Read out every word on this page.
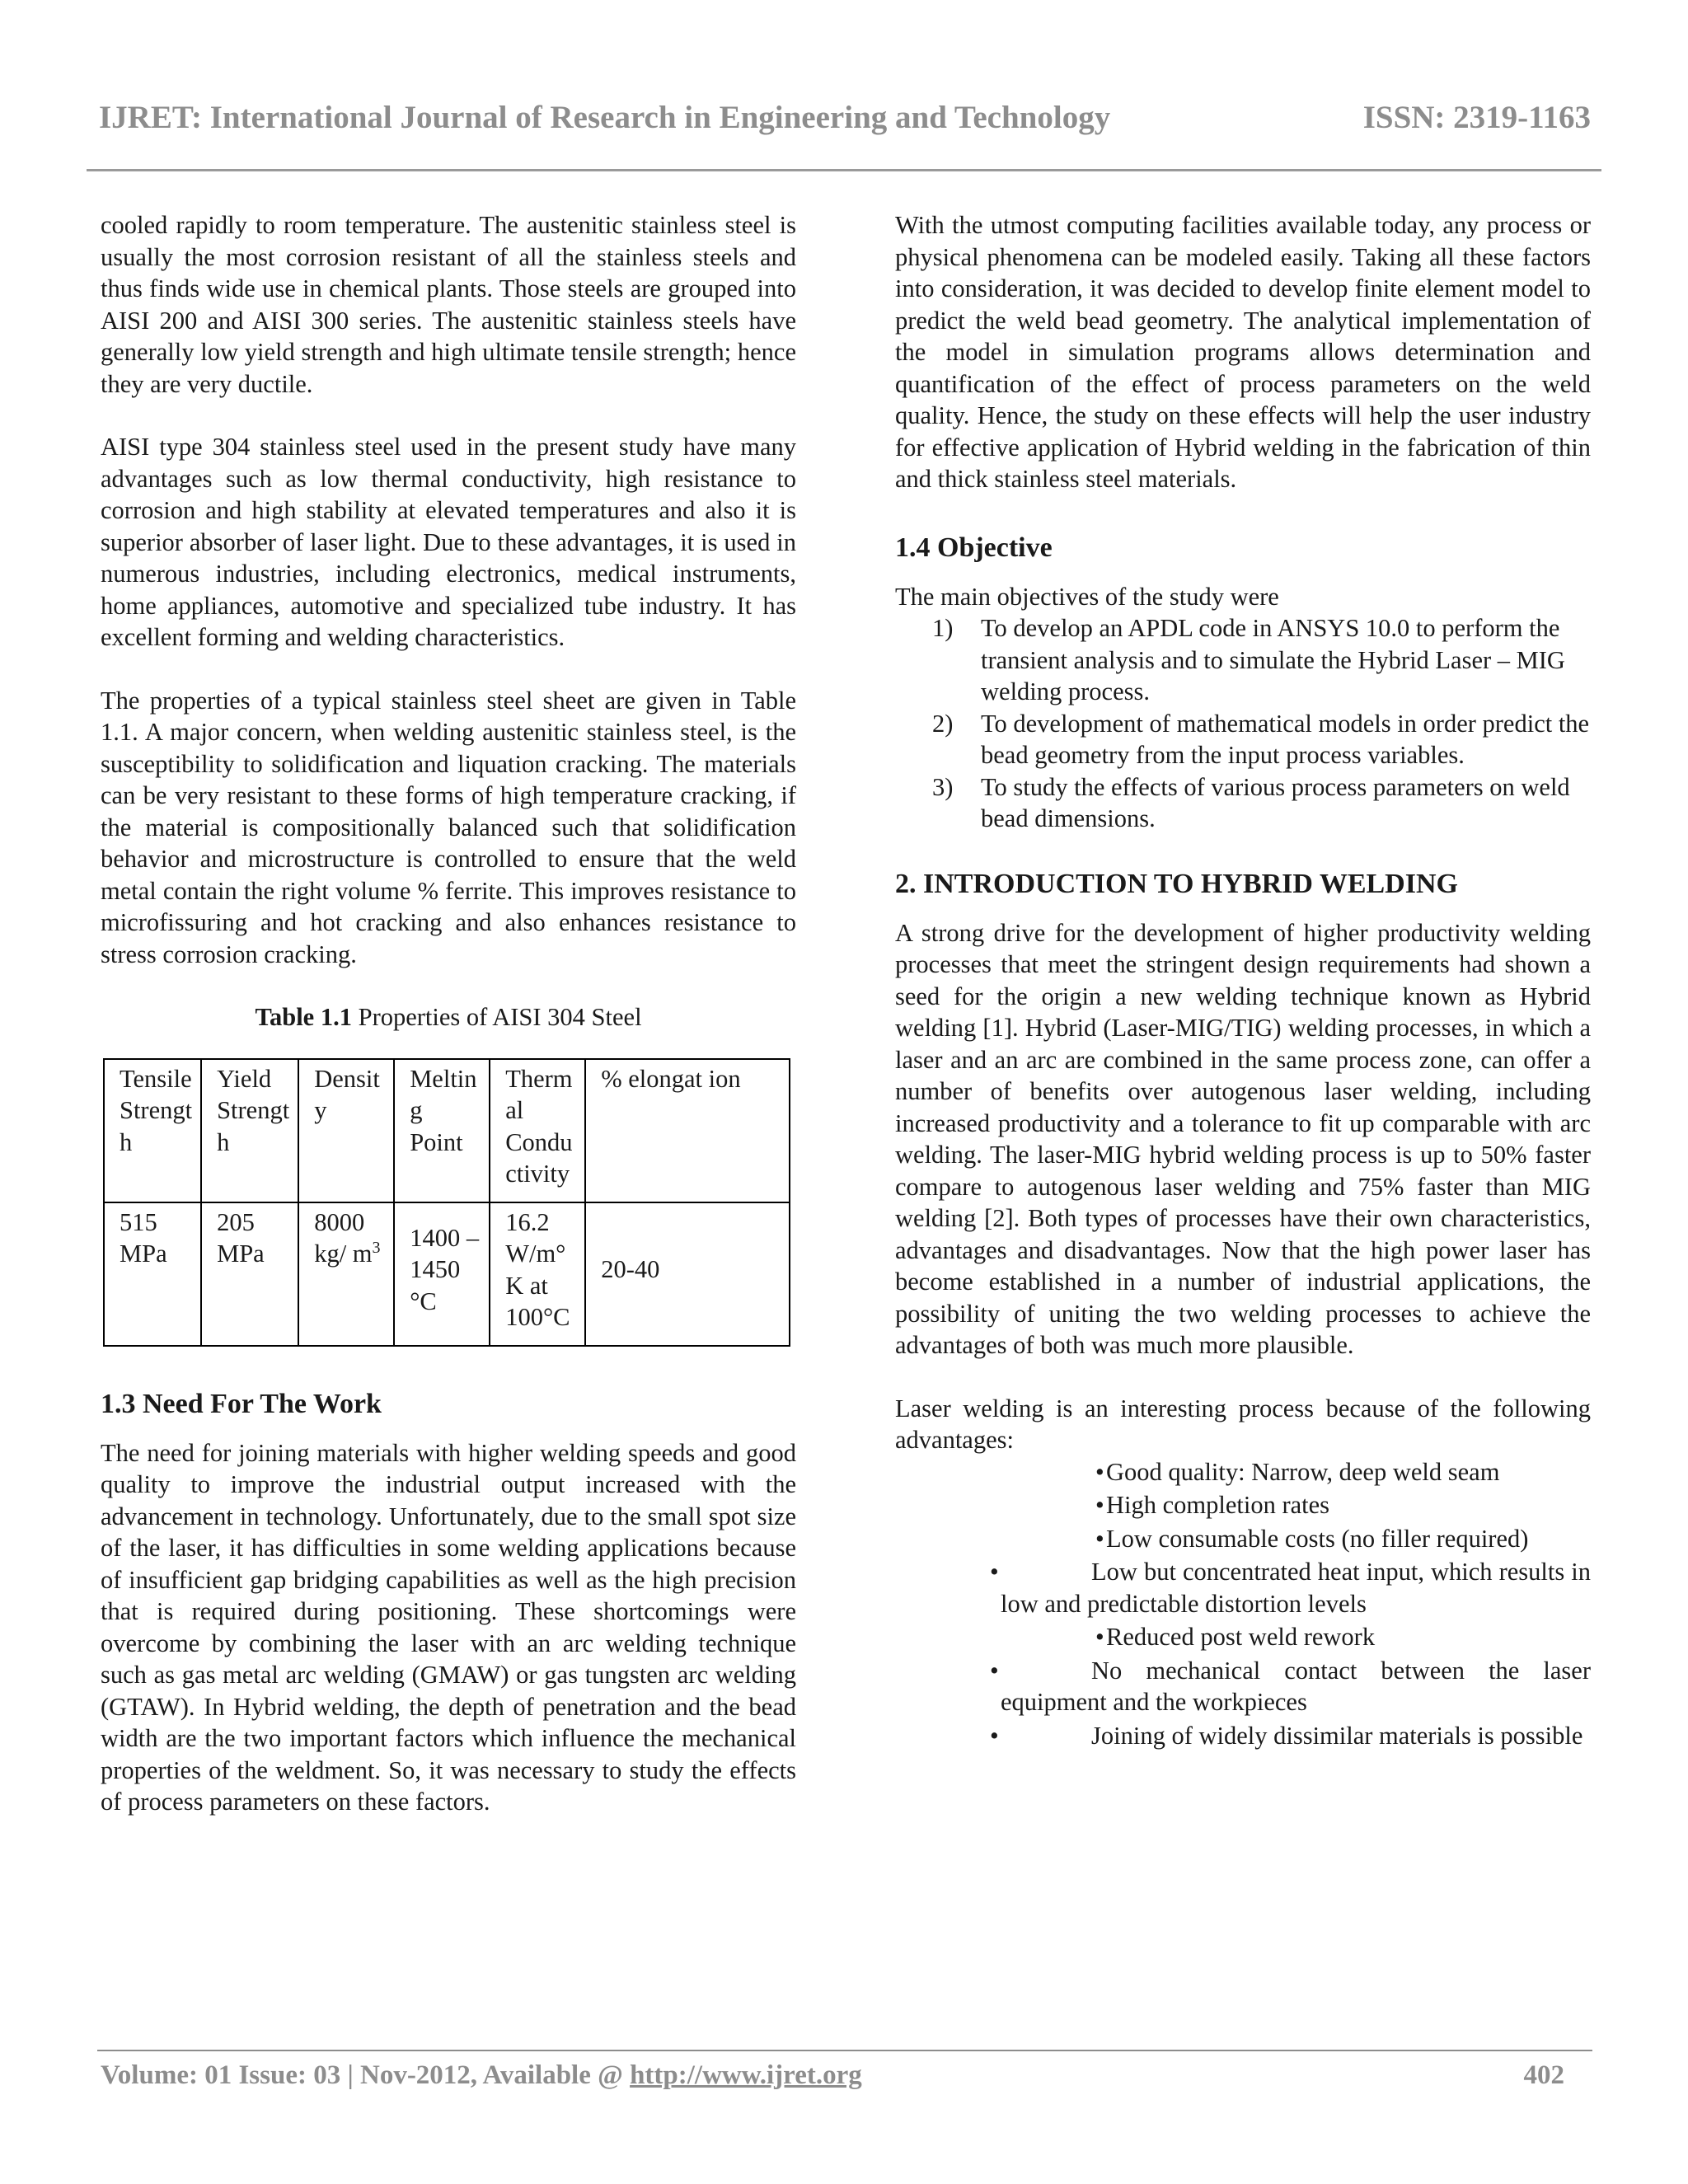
IJRET: International Journal of Research in Engineering and Technology	ISSN: 2319-1163

cooled rapidly to room temperature. The austenitic stainless steel is usually the most corrosion resistant of all the stainless steels and thus finds wide use in chemical plants. Those steels are grouped into AISI 200 and AISI 300 series. The austenitic stainless steels have generally low yield strength and high ultimate tensile strength; hence they are very ductile.

AISI type 304 stainless steel used in the present study have many advantages such as low thermal conductivity, high resistance to corrosion and high stability at elevated temperatures and also it is superior absorber of laser light. Due to these advantages, it is used in numerous industries, including electronics, medical instruments, home appliances, automotive and specialized tube industry. It has excellent forming and welding characteristics.

The properties of a typical stainless steel sheet are given in Table 1.1. A major concern, when welding austenitic stainless steel, is the susceptibility to solidification and liquation cracking. The materials can be very resistant to these forms of high temperature cracking, if the material is compositionally balanced such that solidification behavior and microstructure is controlled to ensure that the weld metal contain the right volume % ferrite. This improves resistance to microfissuring and hot cracking and also enhances resistance to stress corrosion cracking.

Table 1.1 Properties of AISI 304 Steel
Tensile Strengt h	Yield Strengt h	Densit y	Meltin g Point	Therm al Condu ctivity	% elongat ion
515 MPa	205 MPa	8000 kg/ $m^3$	1400 – 1450 °C	16.2 W/m° K at 100°C	20-40
1.3 Need For The Work

The need for joining materials with higher welding speeds and good quality to improve the industrial output increased with the advancement in technology. Unfortunately, due to the small spot size of the laser, it has difficulties in some welding applications because of insufficient gap bridging capabilities as well as the high precision that is required during positioning. These shortcomings were overcome by combining the laser with an arc welding technique such as gas metal arc welding (GMAW) or gas tungsten arc welding (GTAW). In Hybrid welding, the depth of penetration and the bead width are the two important factors which influence the mechanical properties of the weldment. So, it was necessary to study the effects of process parameters on these factors.

With the utmost computing facilities available today, any process or physical phenomena can be modeled easily. Taking all these factors into consideration, it was decided to develop finite element model to predict the weld bead geometry. The analytical implementation of the model in simulation programs allows determination and quantification of the effect of process parameters on the weld quality. Hence, the study on these effects will help the user industry for effective application of Hybrid welding in the fabrication of thin and thick stainless steel materials.

1.4 Objective
The main objectives of the study were
1) To develop an APDL code in ANSYS 10.0 to perform the transient analysis and to simulate the Hybrid Laser – MIG welding process.
2) To development of mathematical models in order predict the bead geometry from the input process variables.
3) To study the effects of various process parameters on weld bead dimensions.
2. INTRODUCTION TO HYBRID WELDING

A strong drive for the development of higher productivity welding processes that meet the stringent design requirements had shown a seed for the origin a new welding technique known as Hybrid welding [1]. Hybrid (Laser-MIG/TIG) welding processes, in which a laser and an arc are combined in the same process zone, can offer a number of benefits over autogenous laser welding, including increased productivity and a tolerance to fit up comparable with arc welding. The laser-MIG hybrid welding process is up to 50% faster compare to autogenous laser welding and 75% faster than MIG welding [2]. Both types of processes have their own characteristics, advantages and disadvantages. Now that the high power laser has become established in a number of industrial applications, the possibility of uniting the two welding processes to achieve the advantages of both was much more plausible.

Laser welding is an interesting process because of the following advantages:

• Good quality: Narrow, deep weld seam
• High completion rates
• Low consumable costs (no filler required)
•	Low but concentrated heat input, which results in low and predictable distortion levels
• Reduced post weld rework
•	No mechanical contact between the laser equipment and the workpieces
•	Joining of widely dissimilar materials is possible
Volume: 01 Issue: 03 | Nov-2012, Available @ http://www.ijret.org	402
